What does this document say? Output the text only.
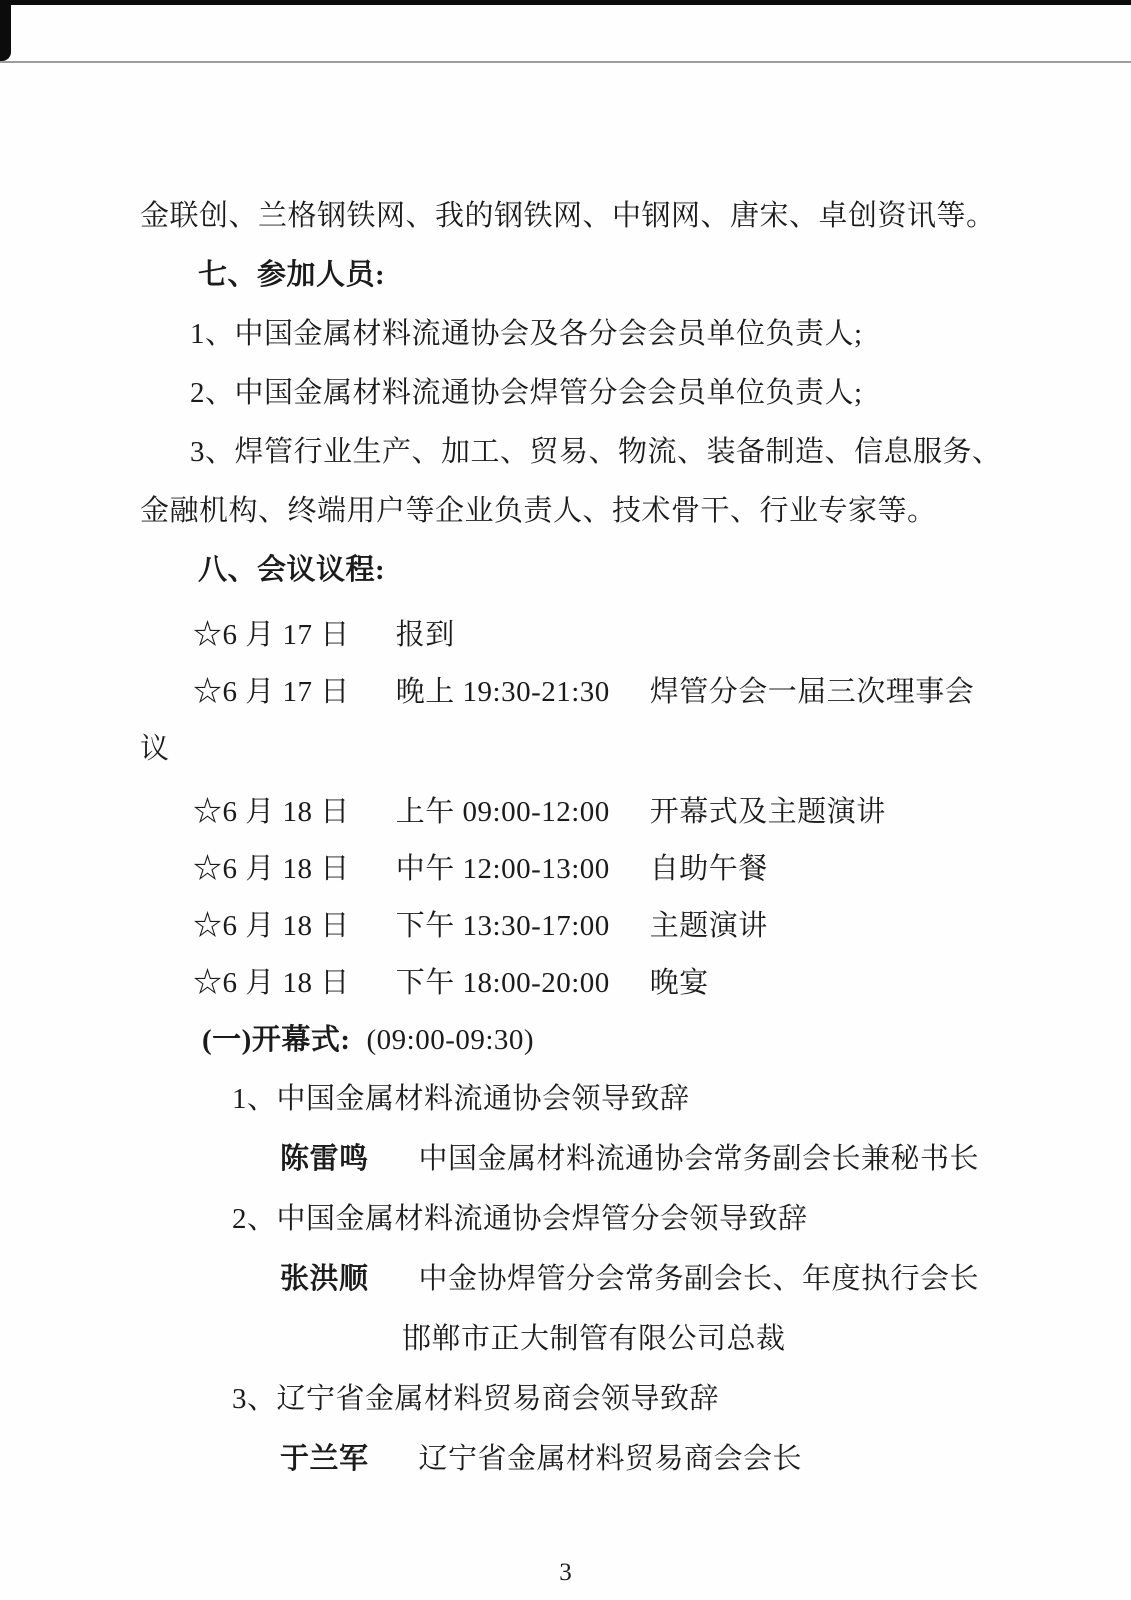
金联创、兰格钢铁网、我的钢铁网、中钢网、唐宋、卓创资讯等。
七、参加人员:
1、中国金属材料流通协会及各分会会员单位负责人;
2、中国金属材料流通协会焊管分会会员单位负责人;
3、焊管行业生产、加工、贸易、物流、装备制造、信息服务、
金融机构、终端用户等企业负责人、技术骨干、行业专家等。
八、会议议程:
☆6 月 17 日 报到
☆6 月 17 日 晚上 19:30-21:30 焊管分会一届三次理事会
议
☆6 月 18 日 上午 09:00-12:00 开幕式及主题演讲
☆6 月 18 日 中午 12:00-13:00 自助午餐
☆6 月 18 日 下午 13:30-17:00 主题演讲
☆6 月 18 日 下午 18:00-20:00 晚宴
(一)开幕式: (09:00-09:30)
1、中国金属材料流通协会领导致辞
陈雷鸣 中国金属材料流通协会常务副会长兼秘书长
2、中国金属材料流通协会焊管分会领导致辞
张洪顺 中金协焊管分会常务副会长、年度执行会长
邯郸市正大制管有限公司总裁
3、辽宁省金属材料贸易商会领导致辞
于兰军 辽宁省金属材料贸易商会会长
3
